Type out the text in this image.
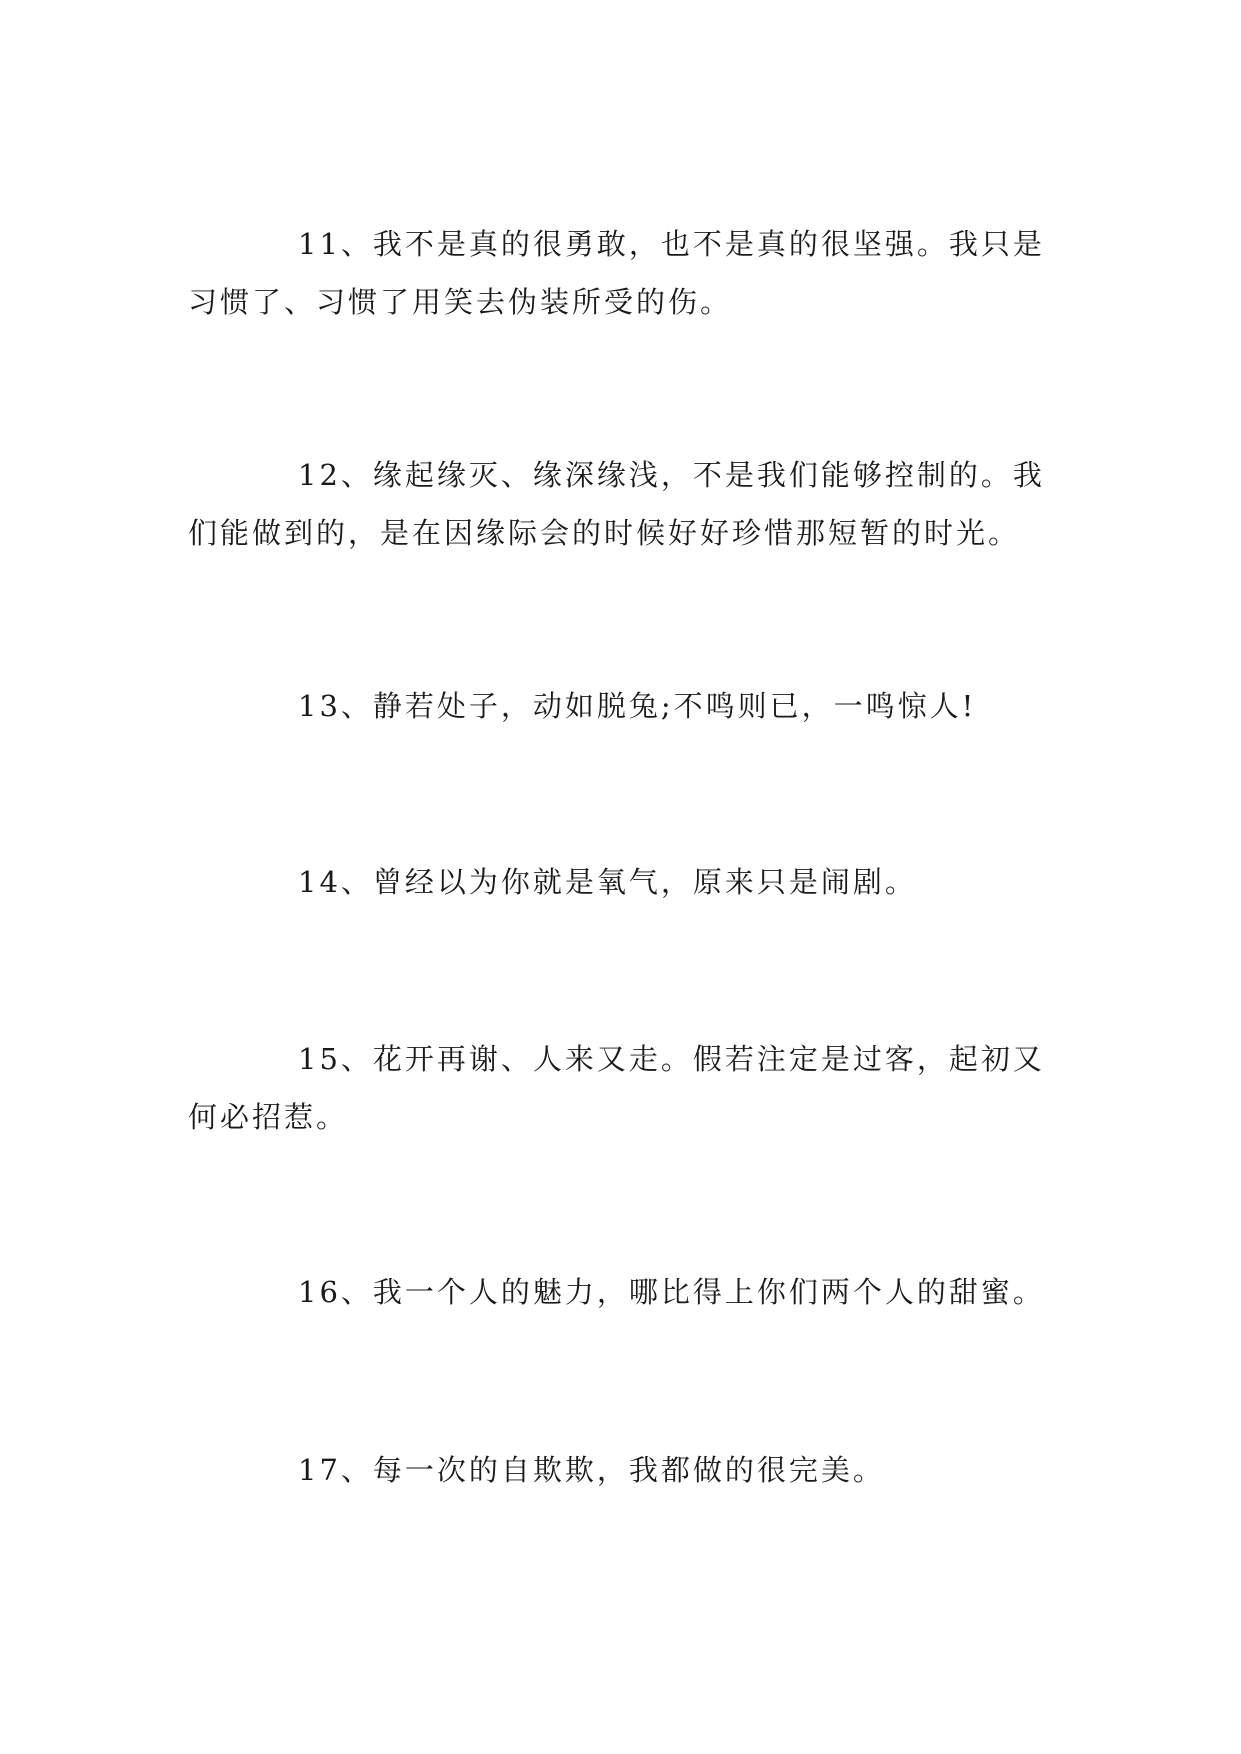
11、我不是真的很勇敢，也不是真的很坚强。我只是习惯了、习惯了用笑去伪装所受的伤。

12、缘起缘灭、缘深缘浅，不是我们能够控制的。我们能做到的，是在因缘际会的时候好好珍惜那短暂的时光。

13、静若处子，动如脱兔;不鸣则已，一鸣惊人!

14、曾经以为你就是氧气，原来只是闹剧。

15、花开再谢、人来又走。假若注定是过客，起初又何必招惹。

16、我一个人的魅力，哪比得上你们两个人的甜蜜。

17、每一次的自欺欺，我都做的很完美。
